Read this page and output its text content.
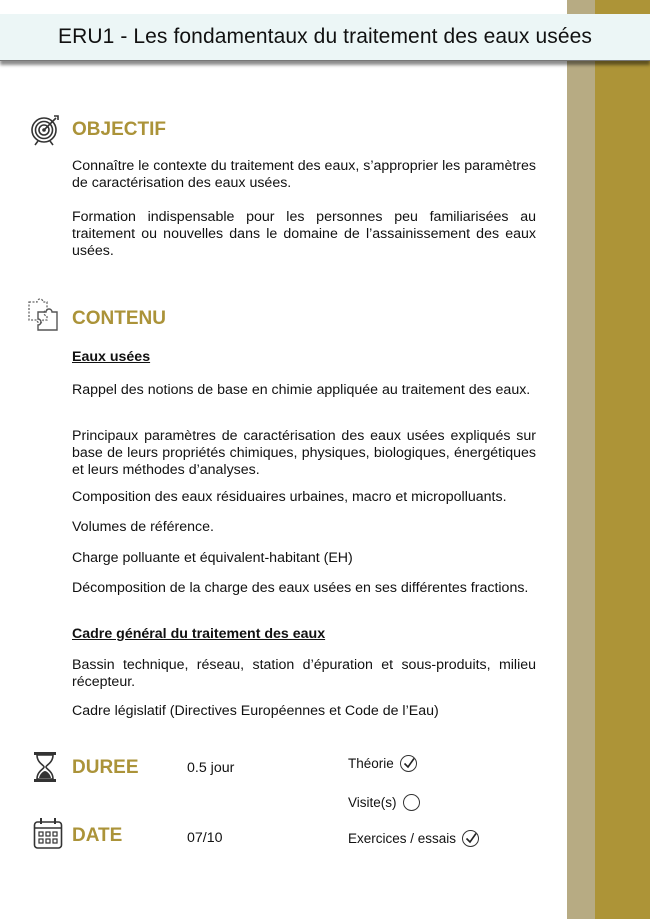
ERU1 - Les fondamentaux du traitement des eaux usées
OBJECTIF

Connaître le contexte du traitement des eaux, s’approprier les paramètres de caractérisation des eaux usées.

Formation indispensable pour les personnes peu familiarisées au traitement ou nouvelles dans le domaine de l’assainissement des eaux usées.

CONTENU
Eaux usées

Rappel des notions de base en chimie appliquée au traitement des eaux.

Principaux paramètres de caractérisation des eaux usées expliqués sur base de leurs propriétés chimiques, physiques, biologiques, énergétiques et leurs méthodes d’analyses.

Composition des eaux résiduaires urbaines, macro et micropolluants.

Volumes de référence.

Charge polluante et équivalent-habitant (EH)

Décomposition de la charge des eaux usées en ses différentes fractions.

Cadre général du traitement des eaux

Bassin technique, réseau, station d’épuration et sous-produits, milieu récepteur.

Cadre législatif (Directives Européennes et Code de l’Eau)

DUREE	0.5 jour
DATE	07/10
Théorie
Visite(s)
Exercices / essais
